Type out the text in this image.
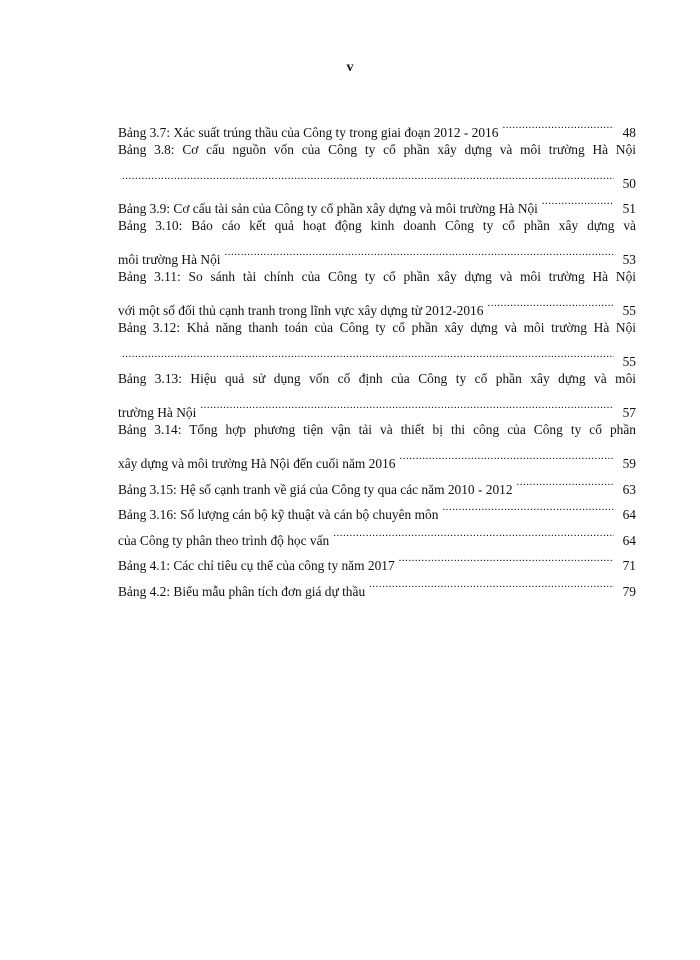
v
Bảng 3.7: Xác suất trúng thầu của Công ty trong giai đoạn 2012 - 2016 .....	48
Bảng 3.8: Cơ cấu nguồn vốn của Công ty cổ phần xây dựng và môi trường Hà Nội
.....
50
Bảng 3.9: Cơ cấu tài sản của Công ty cổ phần xây dựng và môi trường Hà Nội .....	51
Bảng 3.10: Báo cáo kết quả hoạt động kinh doanh Công ty cổ phần xây dựng và
môi trường Hà Nội .....	53
Bảng 3.11: So sánh tài chính của Công ty cổ phần xây dựng và môi trường Hà Nội
với một số đối thủ cạnh tranh trong lĩnh vực xây dựng từ 2012-2016 .....	55
Bảng 3.12: Khả năng thanh toán của Công ty cổ phần xây dựng và môi trường Hà Nội
.....
55
Bảng 3.13: Hiệu quả sử dụng vốn cố định của Công ty cổ phần xây dựng và môi
trường Hà Nội .....	57
Bảng 3.14: Tổng hợp phương tiện vận tải và thiết bị thi công của Công ty cổ phần
xây dựng và môi trường Hà Nội đến cuối năm 2016 .....	59
Bảng 3.15: Hệ số cạnh tranh về giá của Công ty qua các năm 2010 - 2012 .....	63
Bảng 3.16: Số lượng cán bộ kỹ thuật và cán bộ chuyên môn .....	64
của Công ty phân theo trình độ học vấn .....	64
Bảng 4.1: Các chỉ tiêu cụ thể của công ty năm 2017 .....	71
Bảng 4.2: Biểu mẫu phân tích đơn giá dự thầu .....	79
